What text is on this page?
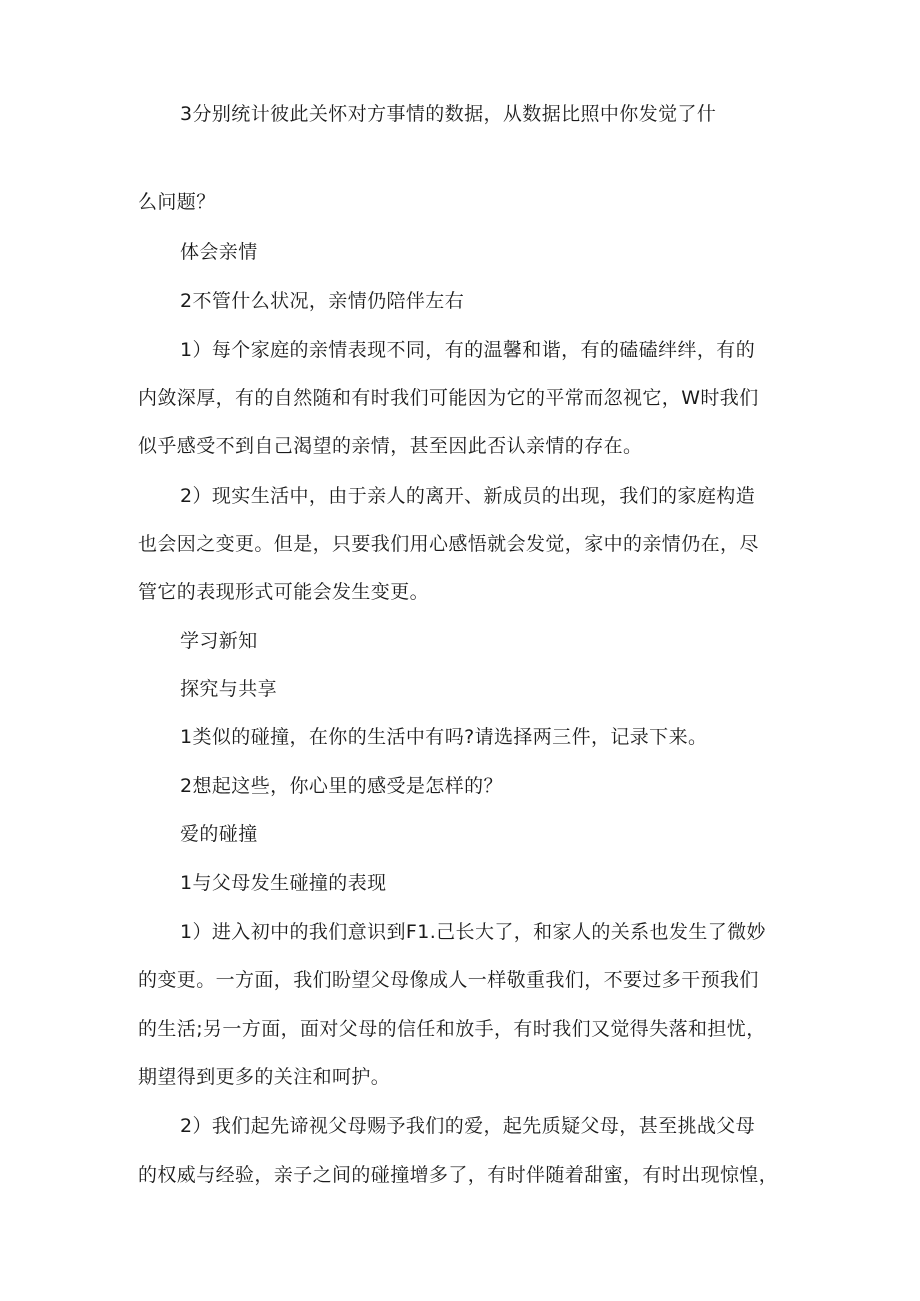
3分别统计彼此关怀对方事情的数据，从数据比照中你发觉了什
么问题？
体会亲情
2不管什么状况，亲情仍陪伴左右
1）每个家庭的亲情表现不同，有的温馨和谐，有的磕磕绊绊，有的
内敛深厚，有的自然随和有时我们可能因为它的平常而忽视它，W时我们
似乎感受不到自己渴望的亲情，甚至因此否认亲情的存在。
2）现实生活中，由于亲人的离开、新成员的出现，我们的家庭构造
也会因之变更。但是，只要我们用心感悟就会发觉，家中的亲情仍在，尽
管它的表现形式可能会发生变更。
学习新知
探究与共享
1类似的碰撞，在你的生活中有吗?请选择两三件，记录下来。
2想起这些，你心里的感受是怎样的？
爱的碰撞
1与父母发生碰撞的表现
1）进入初中的我们意识到F1.己长大了，和家人的关系也发生了微妙
的变更。一方面，我们盼望父母像成人一样敬重我们，不要过多干预我们
的生活;另一方面，面对父母的信任和放手，有时我们又觉得失落和担忧，
期望得到更多的关注和呵护。
2）我们起先谛视父母赐予我们的爱，起先质疑父母，甚至挑战父母
的权威与经验，亲子之间的碰撞增多了，有时伴随着甜蜜，有时出现惊惶，
